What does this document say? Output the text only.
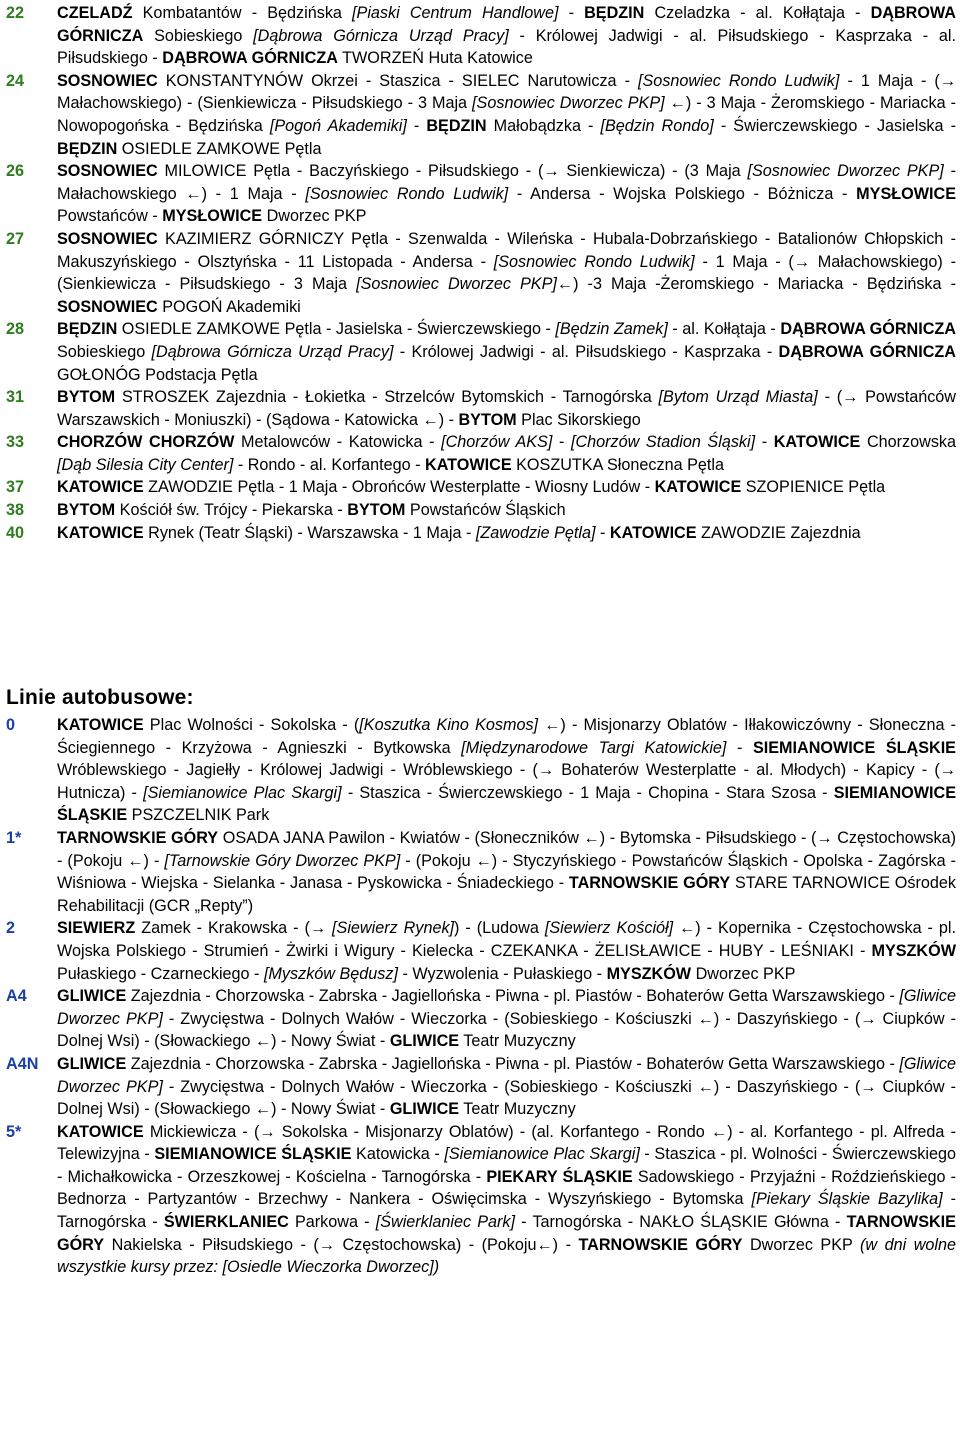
22 CZELADŹ Kombatantów - Będzińska [Piaski Centrum Handlowe] - BĘDZIN Czeladzka - al. Kołłątaja - DĄBROWA GÓRNICZA Sobieskiego [Dąbrowa Górnicza Urząd Pracy] - Królowej Jadwigi - al. Piłsudskiego - Kasprzaka - al. Piłsudskiego - DĄBROWA GÓRNICZA TWORZEŃ Huta Katowice
24 SOSNOWIEC KONSTANTYNÓW Okrzei - Staszica - SIELEC Narutowicza - [Sosnowiec Rondo Ludwik] - 1 Maja - (→ Małachowskiego) - (Sienkiewicza - Piłsudskiego - 3 Maja [Sosnowiec Dworzec PKP] ←) - 3 Maja - Żeromskiego - Mariacka - Nowopogońska - Będzińska [Pogoń Akademiki] - BĘDZIN Małobądzka - [Będzin Rondo] - Świerczewskiego - Jasielska - BĘDZIN OSIEDLE ZAMKOWE Pętla
26 SOSNOWIEC MILOWICE Pętla - Baczyńskiego - Piłsudskiego - (→ Sienkiewicza) - (3 Maja [Sosnowiec Dworzec PKP] - Małachowskiego ←) - 1 Maja - [Sosnowiec Rondo Ludwik] - Andersa - Wojska Polskiego - Bóżnicza - MYSŁOWICE Powstańców - MYSŁOWICE Dworzec PKP
27 SOSNOWIEC KAZIMIERZ GÓRNICZY Pętla - Szenwalda - Wileńska - Hubala-Dobrzańskiego - Batalionów Chłopskich - Makuszyńskiego - Olsztyńska - 11 Listopada - Andersa - [Sosnowiec Rondo Ludwik] - 1 Maja - (→ Małachowskiego) - (Sienkiewicza - Piłsudskiego - 3 Maja [Sosnowiec Dworzec PKP]←) -3 Maja -Żeromskiego - Mariacka - Będzińska -SOSNOWIEC POGOŃ Akademiki
28 BĘDZIN OSIEDLE ZAMKOWE Pętla - Jasielska - Świerczewskiego - [Będzin Zamek] - al. Kołłątaja - DĄBROWA GÓRNICZA Sobieskiego [Dąbrowa Górnicza Urząd Pracy] - Królowej Jadwigi - al. Piłsudskiego - Kasprzaka - DĄBROWA GÓRNICZA GOŁONÓG Podstacja Pętla
31 BYTOM STROSZEK Zajezdnia - Łokietka - Strzelców Bytomskich - Tarnogórska [Bytom Urząd Miasta] - (→ Powstańców Warszawskich - Moniuszki) - (Sądowa - Katowicka ←) - BYTOM Plac Sikorskiego
33 CHORZÓW CHORZÓW Metalowców - Katowicka - [Chorzów AKS] - [Chorzów Stadion Śląski] - KATOWICE Chorzowska [Dąb Silesia City Center] - Rondo - al. Korfantego - KATOWICE KOSZUTKA Słoneczna Pętla
37 KATOWICE ZAWODZIE Pętla - 1 Maja - Obrońców Westerplatte - Wiosny Ludów - KATOWICE SZOPIENICE Pętla
38 BYTOM Kościół św. Trójcy - Piekarska - BYTOM Powstańców Śląskich
40 KATOWICE Rynek (Teatr Śląski) - Warszawska - 1 Maja - [Zawodzie Pętla] - KATOWICE ZAWODZIE Zajezdnia
Linie autobusowe:
0	KATOWICE Plac Wolności - Sokolska - ([Koszutka Kino Kosmos] ←) - Misjonarzy Oblatów - Iłłakowiczówny - Słoneczna - Ściegiennego - Krzyżowa - Agnieszki - Bytkowska [Międzynarodowe Targi Katowickie] - SIEMIANOWICE ŚLĄSKIE Wróblewskiego - Jagiełły - Królowej Jadwigi - Wróblewskiego - (→ Bohaterów Westerplatte - al. Młodych) - Kapicy - (→ Hutnicza) - [Siemianowice Plac Skargi] - Staszica - Świerczewskiego - 1 Maja - Chopina - Stara Szosa - SIEMIANOWICE ŚLĄSKIE PSZCZELNIK Park
1* TARNOWSKIE GÓRY OSADA JANA Pawilon - Kwiatów - (Słoneczników ←) - Bytomska - Piłsudskiego - (→ Częstochowska) - (Pokoju ←) - [Tarnowskie Góry Dworzec PKP] - (Pokoju ←) - Styczyńskiego - Powstańców Śląskich - Opolska - Zagórska - Wiśniowa - Wiejska - Sielanka - Janasa - Pyskowicka - Śniadeckiego - TARNOWSKIE GÓRY STARE TARNOWICE Ośrodek Rehabilitacji (GCR „Repty”)
2	SIEWIERZ Zamek - Krakowska - (→ [Siewierz Rynek]) - (Ludowa [Siewierz Kościół] ←) - Kopernika - Częstochowska - pl. Wojska Polskiego - Strumień - Żwirki i Wigury - Kielecka - CZEKANKA - ŻELISŁAWICE - HUBY - LEŚNIAKI - MYSZKÓW Pułaskiego - Czarneckiego - [Myszków Będusz] - Wyzwolenia - Pułaskiego - MYSZKÓW Dworzec PKP
A4 GLIWICE Zajezdnia - Chorzowska - Zabrska - Jagiellońska - Piwna - pl. Piastów - Bohaterów Getta Warszawskiego - [Gliwice Dworzec PKP] - Zwycięstwa - Dolnych Wałów - Wieczorka - (Sobieskiego - Kościuszki ←) - Daszyńskiego - (→ Ciupków - Dolnej Wsi) - (Słowackiego ←) - Nowy Świat - GLIWICE Teatr Muzyczny
A4N GLIWICE Zajezdnia - Chorzowska - Zabrska - Jagiellońska - Piwna - pl. Piastów - Bohaterów Getta Warszawskiego - [Gliwice Dworzec PKP] - Zwycięstwa - Dolnych Wałów - Wieczorka - (Sobieskiego - Kościuszki ←) - Daszyńskiego - (→ Ciupków - Dolnej Wsi) - (Słowackiego ←) - Nowy Świat - GLIWICE Teatr Muzyczny
5* KATOWICE Mickiewicza - (→ Sokolska - Misjonarzy Oblatów) - (al. Korfantego - Rondo ←) - al. Korfantego - pl. Alfreda - Telewizyjna - SIEMIANOWICE ŚLĄSKIE Katowicka - [Siemianowice Plac Skargi] - Staszica - pl. Wolności - Świerczewskiego - Michałkowicka - Orzeszkowej - Kościelna - Tarnogórska - PIEKARY ŚLĄSKIE Sadowskiego - Przyjaźni - Roździeńskiego - Bednorza - Partyzantów - Brzechwy - Nankera - Oświęcimska - Wyszyńskiego - Bytomska [Piekary Śląskie Bazylika] - Tarnogórska - ŚWIERKLANIEC Parkowa - [Świerklaniec Park] - Tarnogórska - NAKŁO ŚLĄSKIE Główna - TARNOWSKIE GÓRY Nakielska - Piłsudskiego - (→ Częstochowska) - (Pokoju←) - TARNOWSKIE GÓRY Dworzec PKP (w dni wolne wszystkie kursy przez: [Osiedle Wieczorka Dworzec])
